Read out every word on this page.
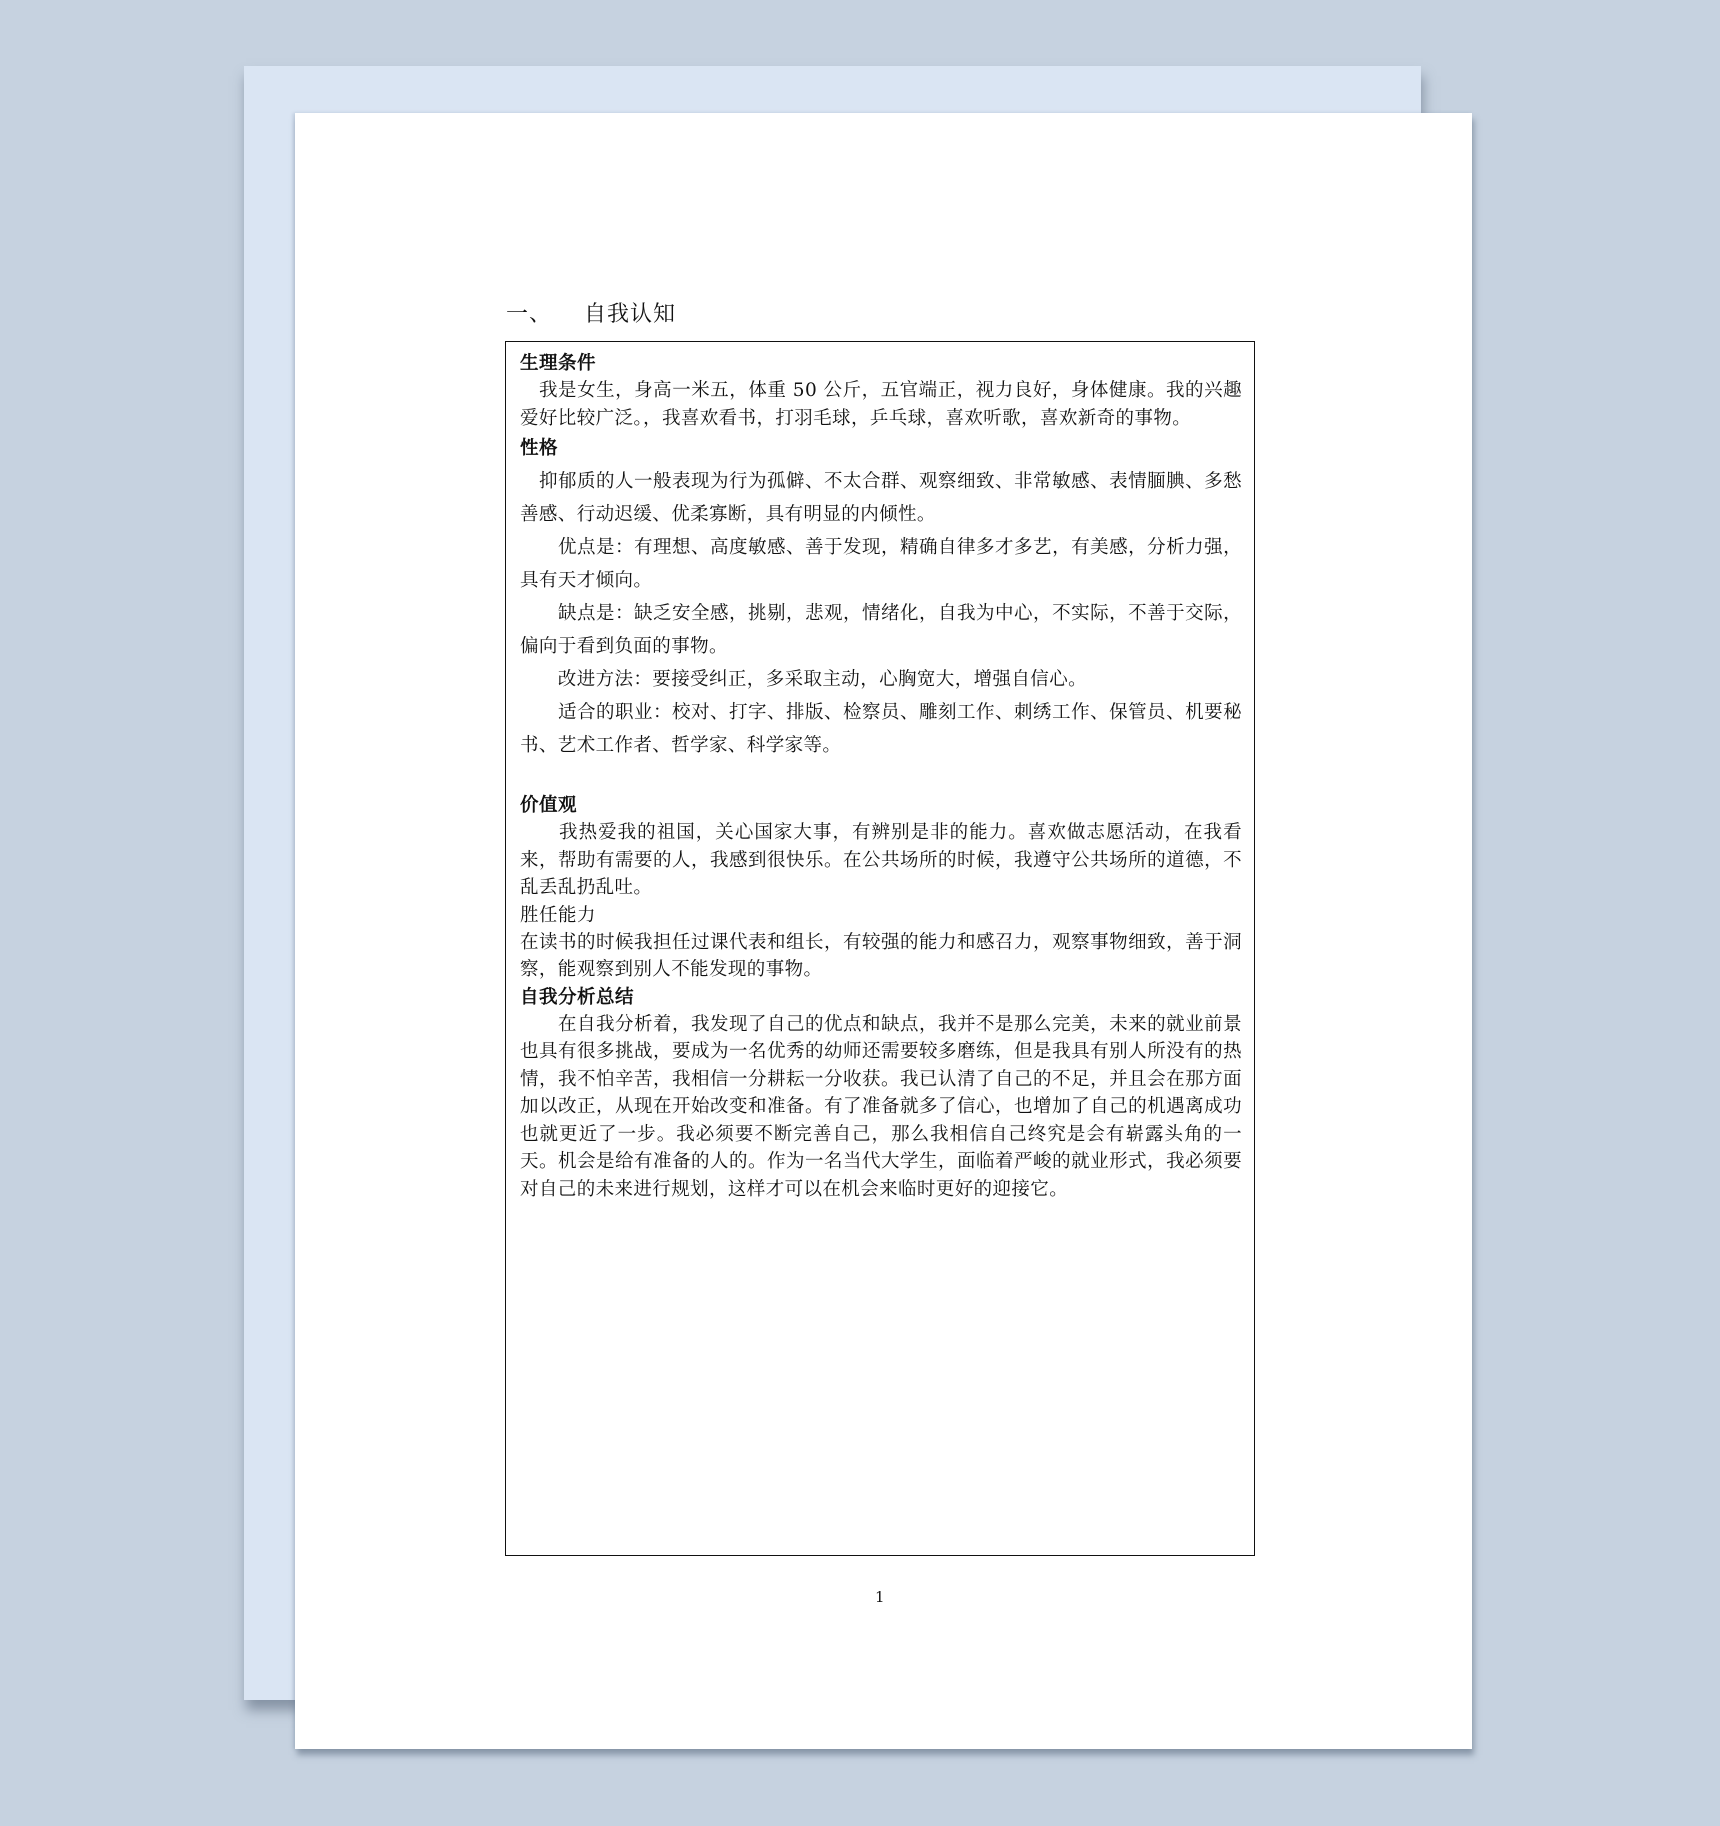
一、    自我认知
生理条件

　我是女生，身高一米五，体重 50 公斤，五官端正，视力良好，身体健康。我的兴趣爱好比较广泛。，我喜欢看书，打羽毛球，乒乓球，喜欢听歌，喜欢新奇的事物。

性格

　抑郁质的人一般表现为行为孤僻、不太合群、观察细致、非常敏感、表情腼腆、多愁善感、行动迟缓、优柔寡断，具有明显的内倾性。

　　优点是：有理想、高度敏感、善于发现，精确自律多才多艺，有美感，分析力强，具有天才倾向。

　　缺点是：缺乏安全感，挑剔，悲观，情绪化，自我为中心，不实际，不善于交际，偏向于看到负面的事物。

　　改进方法：要接受纠正，多采取主动，心胸宽大，增强自信心。

　　适合的职业：校对、打字、排版、检察员、雕刻工作、刺绣工作、保管员、机要秘书、艺术工作者、哲学家、科学家等。

价值观

　　我热爱我的祖国，关心国家大事，有辨别是非的能力。喜欢做志愿活动，在我看来，帮助有需要的人，我感到很快乐。在公共场所的时候，我遵守公共场所的道德，不乱丢乱扔乱吐。

胜任能力

在读书的时候我担任过课代表和组长，有较强的能力和感召力，观察事物细致，善于洞察，能观察到别人不能发现的事物。

自我分析总结

　　在自我分析着，我发现了自己的优点和缺点，我并不是那么完美，未来的就业前景也具有很多挑战，要成为一名优秀的幼师还需要较多磨练，但是我具有别人所没有的热情，我不怕辛苦，我相信一分耕耘一分收获。我已认清了自己的不足，并且会在那方面加以改正，从现在开始改变和准备。有了准备就多了信心，也增加了自己的机遇离成功也就更近了一步。我必须要不断完善自己，那么我相信自己终究是会有崭露头角的一天。机会是给有准备的人的。作为一名当代大学生，面临着严峻的就业形式，我必须要对自己的未来进行规划，这样才可以在机会来临时更好的迎接它。

1
